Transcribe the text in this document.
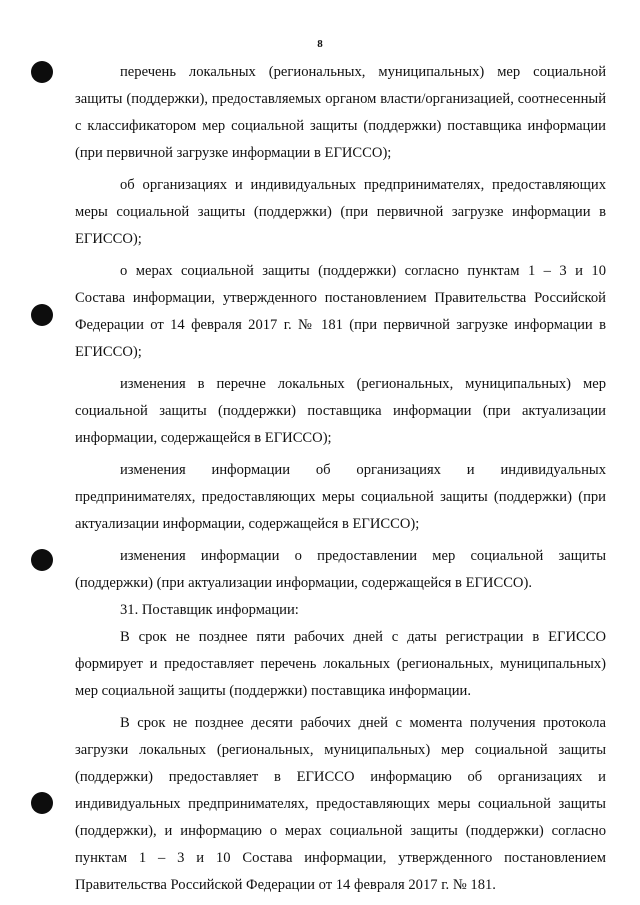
8

перечень локальных (региональных, муниципальных) мер социальной защиты (поддержки), предоставляемых органом власти/организацией, соотнесенный с классификатором мер социальной защиты (поддержки) поставщика информации (при первичной загрузке информации в ЕГИССО);

об организациях и индивидуальных предпринимателях, предоставляющих меры социальной защиты (поддержки) (при первичной загрузке информации в ЕГИССО);

о мерах социальной защиты (поддержки) согласно пунктам 1 – 3 и 10 Состава информации, утвержденного постановлением Правительства Российской Федерации от 14 февраля 2017 г. № 181 (при первичной загрузке информации в ЕГИССО);

изменения в перечне локальных (региональных, муниципальных) мер социальной защиты (поддержки) поставщика информации (при актуализации информации, содержащейся в ЕГИССО);

изменения информации об организациях и индивидуальных предпринимателях, предоставляющих меры социальной защиты (поддержки) (при актуализации информации, содержащейся в ЕГИССО);

изменения информации о предоставлении мер социальной защиты (поддержки) (при актуализации информации, содержащейся в ЕГИССО).

31. Поставщик информации:

В срок не позднее пяти рабочих дней с даты регистрации в ЕГИССО формирует и предоставляет перечень локальных (региональных, муниципальных) мер социальной защиты (поддержки) поставщика информации.

В срок не позднее десяти рабочих дней с момента получения протокола загрузки локальных (региональных, муниципальных) мер социальной защиты (поддержки) предоставляет в ЕГИССО информацию об организациях и индивидуальных предпринимателях, предоставляющих меры социальной защиты (поддержки), и информацию о мерах социальной защиты (поддержки) согласно пунктам 1 – 3 и 10 Состава информации, утвержденного постановлением Правительства Российской Федерации от 14 февраля 2017 г. № 181.
